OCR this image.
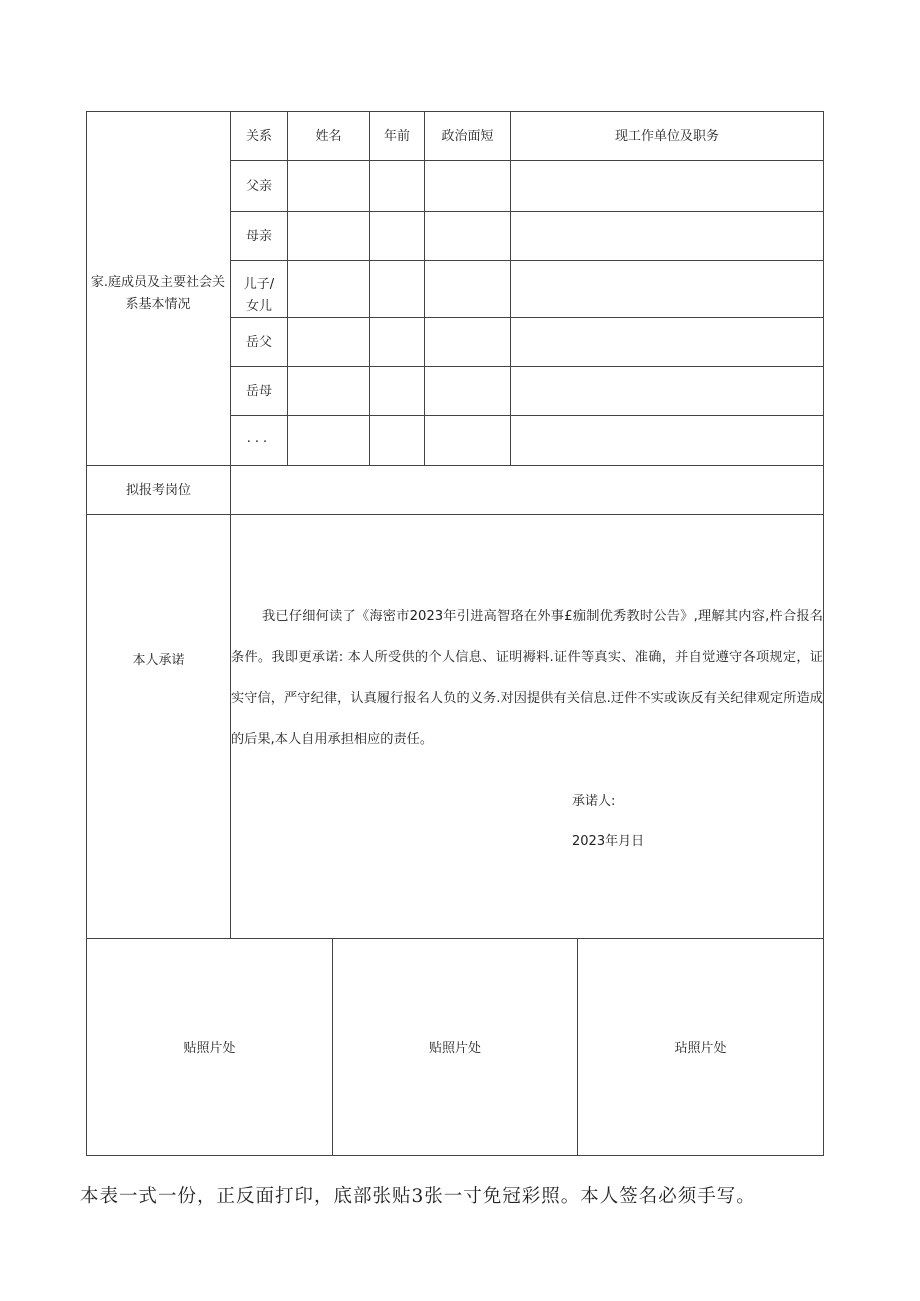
家.庭成员及主要社会关系基本情况
关系	姓名	年前	政治面短	现工作单位及职务
父亲
母亲
儿子/女儿
岳父
岳母
...
拟报考岗位
本人承诺

我已仔细何读了《海密市2023年引进高智珞在外事£痂制优秀教时公告》,理解其内容,杵合报名条件。我即更承诺: 本人所受供的个人信息、证明褥料.证件等真实、准确，并自觉遵守各项规定，证实守信，严守纪律，认真履行报名人负的义务.对因提供有关信息.迂件不实或诙反有关纪律观定所造成的后果,本人自用承担相应的责任。

承诺人:
2023年月日
贴照片处	贴照片处	玷照片处
本表一式一份，正反面打印，底部张贴3张一寸免冠彩照。本人签名必须手写。
